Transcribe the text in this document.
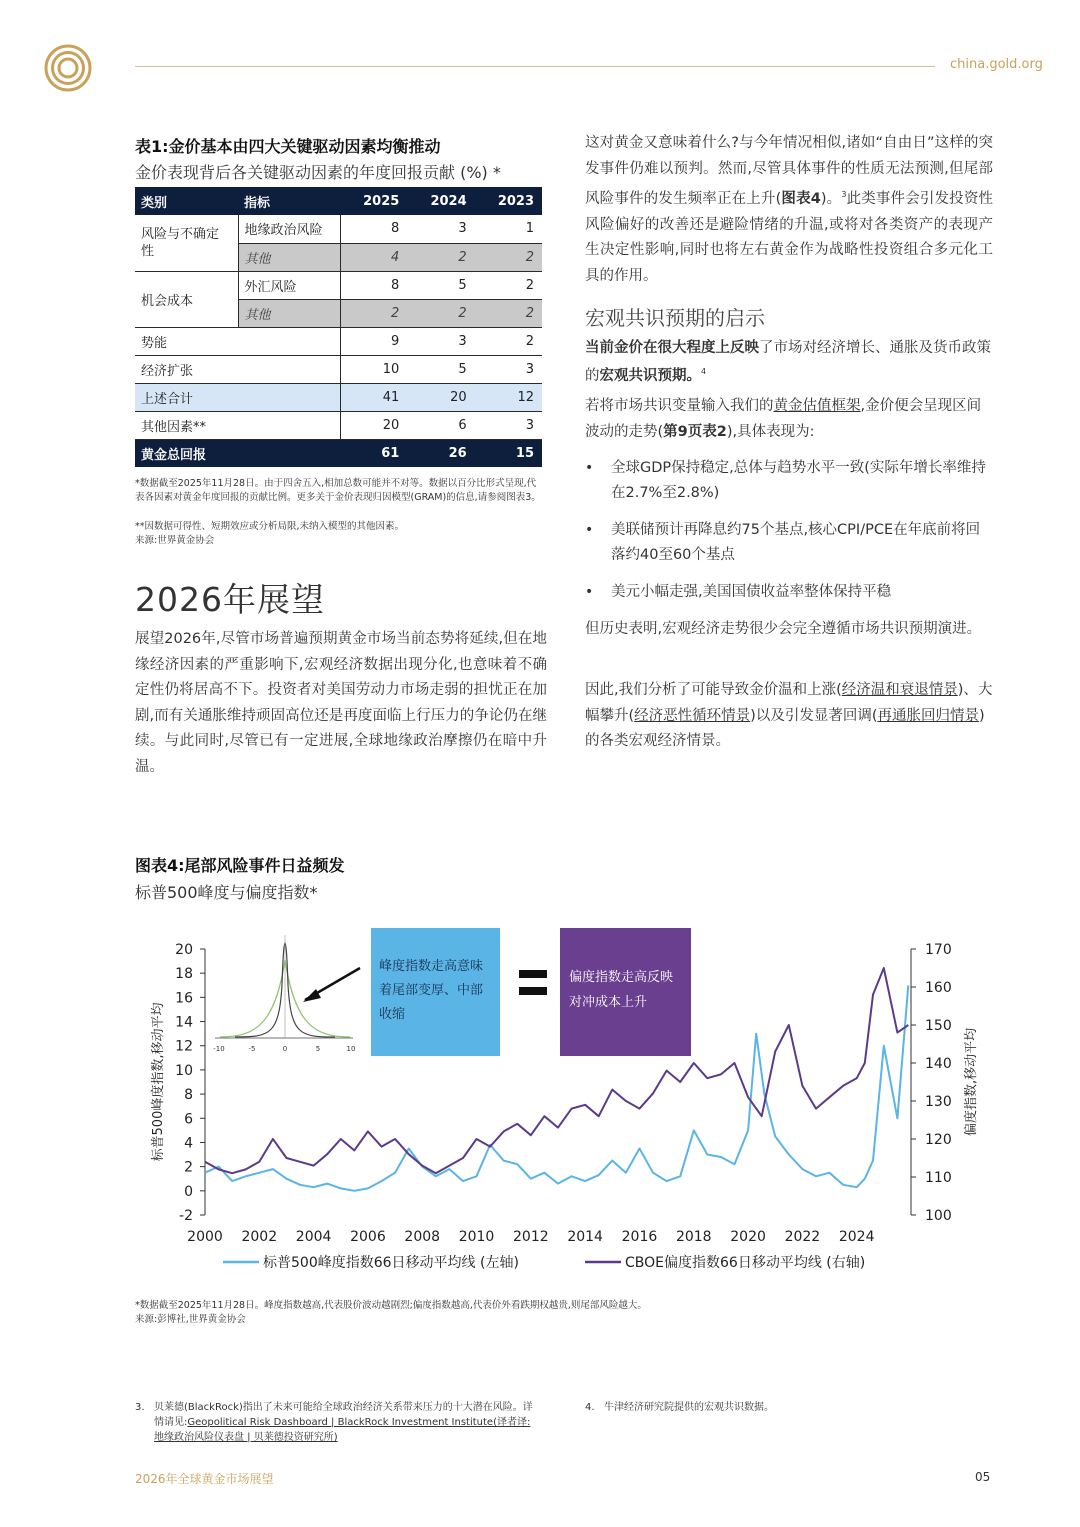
china.gold.org
表1:金价基本由四大关键驱动因素均衡推动
金价表现背后各关键驱动因素的年度回报贡献 (%) *
类别	指标	2025	2024	2023
风险与不确定性	地缘政治风险	8	3	1
	其他	4	2	2
机会成本	外汇风险	8	5	2
	其他	2	2	2
势能		9	3	2
经济扩张		10	5	3
上述合计		41	20	12
其他因素**		20	6	3
黄金总回报		61	26	15
*数据截至2025年11月28日。由于四舍五入,相加总数可能并不对等。数据以百分比形式呈现,代表各因素对黄金年度回报的贡献比例。更多关于金价表现归因模型(GRAM)的信息,请参阅图表3。
**因数据可得性、短期效应或分析局限,未纳入模型的其他因素。
来源:世界黄金协会
2026年展望
展望2026年,尽管市场普遍预期黄金市场当前态势将延续,但在地缘经济因素的严重影响下,宏观经济数据出现分化,也意味着不确定性仍将居高不下。投资者对美国劳动力市场走弱的担忧正在加剧,而有关通胀维持顽固高位还是再度面临上行压力的争论仍在继续。与此同时,尽管已有一定进展,全球地缘政治摩擦仍在暗中升温。
这对黄金又意味着什么?与今年情况相似,诸如“自由日”这样的突发事件仍难以预判。然而,尽管具体事件的性质无法预测,但尾部风险事件的发生频率正在上升(图表4)。$^3$此类事件会引发投资性风险偏好的改善还是避险情绪的升温,或将对各类资产的表现产生决定性影响,同时也将左右黄金作为战略性投资组合多元化工具的作用。
宏观共识预期的启示
当前金价在很大程度上反映了市场对经济增长、通胀及货币政策的宏观共识预期。$^4$
若将市场共识变量输入我们的黄金估值框架,金价便会呈现区间波动的走势(第9页表2),具体表现为:
• 全球GDP保持稳定,总体与趋势水平一致(实际年增长率维持在2.7%至2.8%)
• 美联储预计再降息约75个基点,核心CPI/PCE在年底前将回落约40至60个基点
• 美元小幅走强,美国国债收益率整体保持平稳
但历史表明,宏观经济走势很少会完全遵循市场共识预期演进。
因此,我们分析了可能导致金价温和上涨(经济温和衰退情景)、大幅攀升(经济恶性循环情景)以及引发显著回调(再通胀回归情景)的各类宏观经济情景。
图表4:尾部风险事件日益频发
标普500峰度与偏度指数*
20
18
16
14
12
10
8
6
4
2
0
-2
170
160
150
140
130
120
110
100
2000 2002 2004 2006 2008 2010 2012 2014 2016 2018 2020 2022 2024
标普500峰度指数,移动平均	偏度指数,移动平均
-10	-5	0	5	10
峰度指数走高意味着尾部变厚、中部收缩
偏度指数走高反映对冲成本上升
标普500峰度指数66日移动平均线 (左轴)	CBOE偏度指数66日移动平均线 (右轴)
*数据截至2025年11月28日。峰度指数越高,代表股价波动越剧烈;偏度指数越高,代表价外看跌期权越贵,则尾部风险越大。
来源:彭博社,世界黄金协会
3. 贝莱德(BlackRock)指出了未来可能给全球政治经济关系带来压力的十大潜在风险。详情请见:Geopolitical Risk Dashboard | BlackRock Investment Institute(译者译:地缘政治风险仪表盘 | 贝莱德投资研究所)
4. 牛津经济研究院提供的宏观共识数据。
2026年全球黄金市场展望	05
